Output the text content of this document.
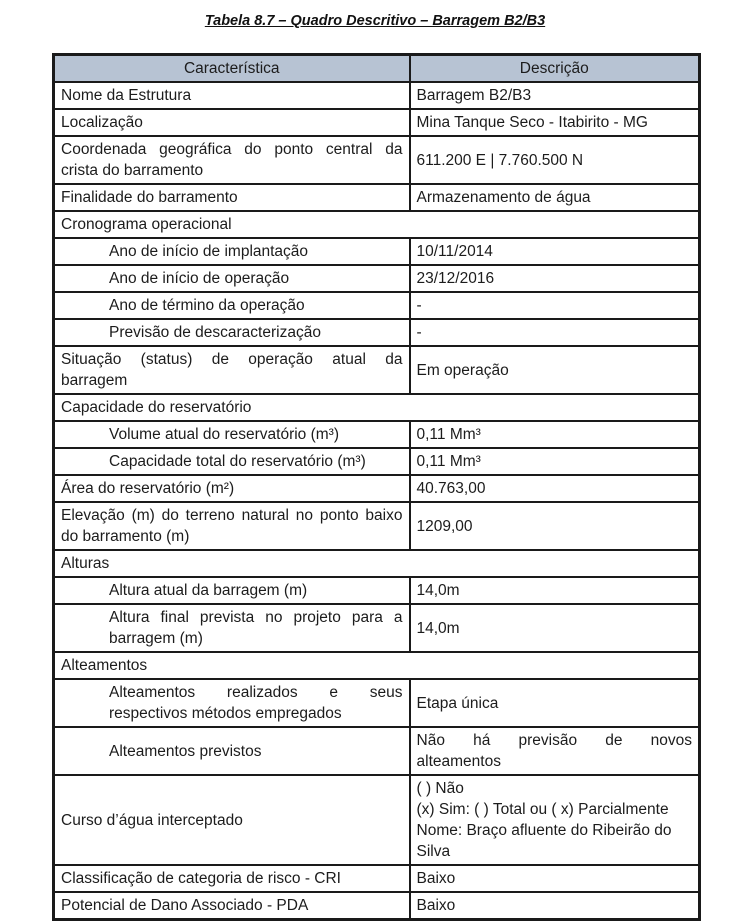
Tabela 8.7 – Quadro Descritivo – Barragem B2/B3
Característica	Descrição
Nome da Estrutura	Barragem B2/B3
Localização	Mina Tanque Seco - Itabirito - MG

Coordenada geográfica do ponto central da
crista do barramento	611.200 E | 7.760.500 N
Finalidade do barramento	Armazenamento de água
Cronograma operacional	
Ano de início de implantação	10/11/2014
Ano de início de operação	23/12/2016
Ano de término da operação	-
Previsão de descaracterização	-

Situação (status) de operação atual da
barragem	Em operação
Capacidade do reservatório	
Volume atual do reservatório (m³)	0,11 Mm³
Capacidade total do reservatório (m³)	0,11 Mm³
Área do reservatório (m²)	40.763,00

Elevação (m) do terreno natural no ponto baixo
do barramento (m)	1209,00
Alturas	
Altura atual da barragem (m)	14,0m

Altura final prevista no projeto para a
barragem (m)	14,0m
Alteamentos	

Alteamentos realizados e seus
respectivos métodos empregados	Etapa única
Alteamentos previstos	Não há previsão de novos
alteamentos

Curso d’água interceptado	( ) Não
(x) Sim: ( ) Total ou ( x) Parcialmente
Nome: Braço afluente do Ribeirão do
Silva

Classificação de categoria de risco - CRI	Baixo
Potencial de Dano Associado - PDA	Baixo
